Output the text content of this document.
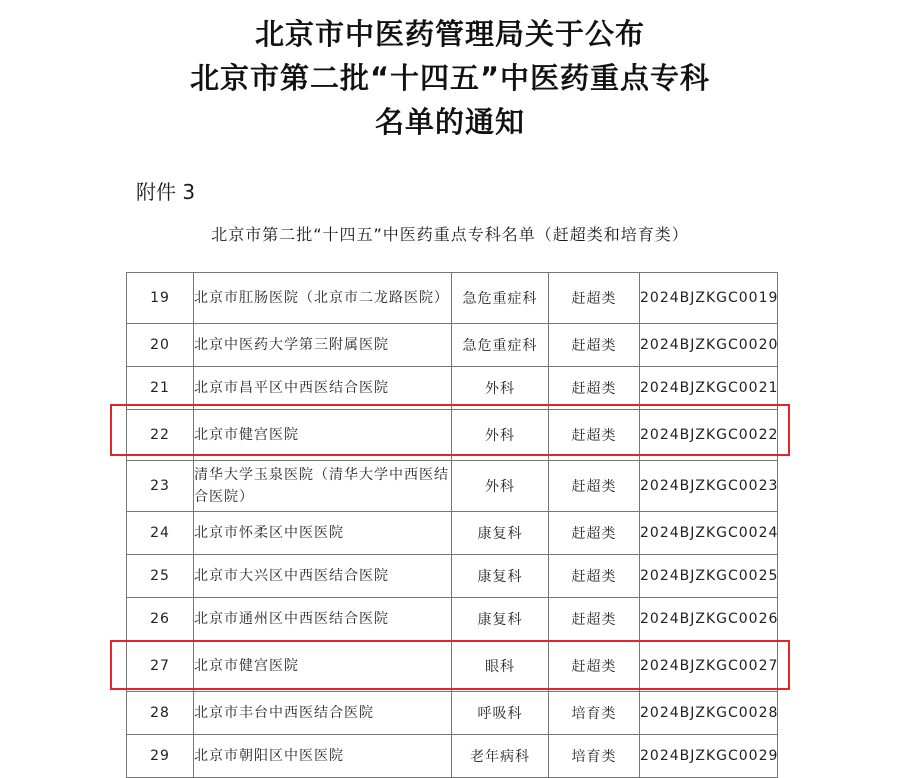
北京市中医药管理局关于公布
北京市第二批“十四五”中医药重点专科
名单的通知
附件 3
北京市第二批“十四五”中医药重点专科名单（赶超类和培育类）
19	北京市肛肠医院（北京市二龙路医院）	急危重症科	赶超类	2024BJZKGC0019
20	北京中医药大学第三附属医院	急危重症科	赶超类	2024BJZKGC0020
21	北京市昌平区中西医结合医院	外科	赶超类	2024BJZKGC0021
22	北京市健宫医院	外科	赶超类	2024BJZKGC0022
23	清华大学玉泉医院（清华大学中西医结合医院）	外科	赶超类	2024BJZKGC0023
24	北京市怀柔区中医医院	康复科	赶超类	2024BJZKGC0024
25	北京市大兴区中西医结合医院	康复科	赶超类	2024BJZKGC0025
26	北京市通州区中西医结合医院	康复科	赶超类	2024BJZKGC0026
27	北京市健宫医院	眼科	赶超类	2024BJZKGC0027
28	北京市丰台中西医结合医院	呼吸科	培育类	2024BJZKGC0028
29	北京市朝阳区中医医院	老年病科	培育类	2024BJZKGC0029
